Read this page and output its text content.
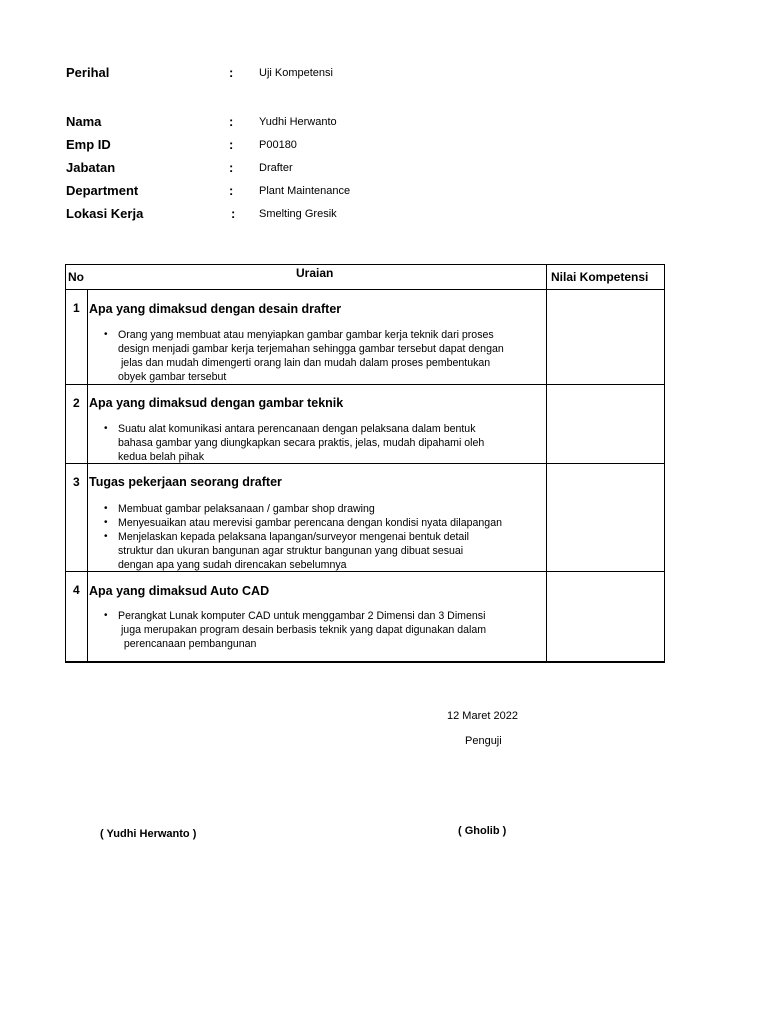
Perihal	: Uji Kompetensi
Nama	: Yudhi Herwanto
Emp ID	: P00180
Jabatan	: Drafter
Department	: Plant Maintenance
Lokasi Kerja	: Smelting Gresik
No	Uraian	Nilai Kompetensi
1 Apa yang dimaksud dengan desain drafter
• Orang yang membuat atau menyiapkan gambar gambar kerja teknik dari proses
design menjadi gambar kerja terjemahan sehingga gambar tersebut dapat dengan
jelas dan mudah dimengerti orang lain dan mudah dalam proses pembentukan
obyek gambar tersebut
2 Apa yang dimaksud dengan gambar teknik
• Suatu alat komunikasi antara perencanaan dengan pelaksana dalam bentuk
bahasa gambar yang diungkapkan secara praktis, jelas, mudah dipahami oleh
kedua belah pihak
3 Tugas pekerjaan seorang drafter
• Membuat gambar pelaksanaan / gambar shop drawing
• Menyesuaikan atau merevisi gambar perencana dengan kondisi nyata dilapangan
• Menjelaskan kepada pelaksana lapangan/surveyor mengenai bentuk detail
struktur dan ukuran bangunan agar struktur bangunan yang dibuat sesuai
dengan apa yang sudah direncakan sebelumnya
4 Apa yang dimaksud Auto CAD
• Perangkat Lunak komputer CAD untuk menggambar 2 Dimensi dan 3 Dimensi
juga merupakan program desain berbasis teknik yang dapat digunakan dalam
perencanaan pembangunan
12 Maret 2022
Penguji
( Yudhi Herwanto )	( Gholib )
